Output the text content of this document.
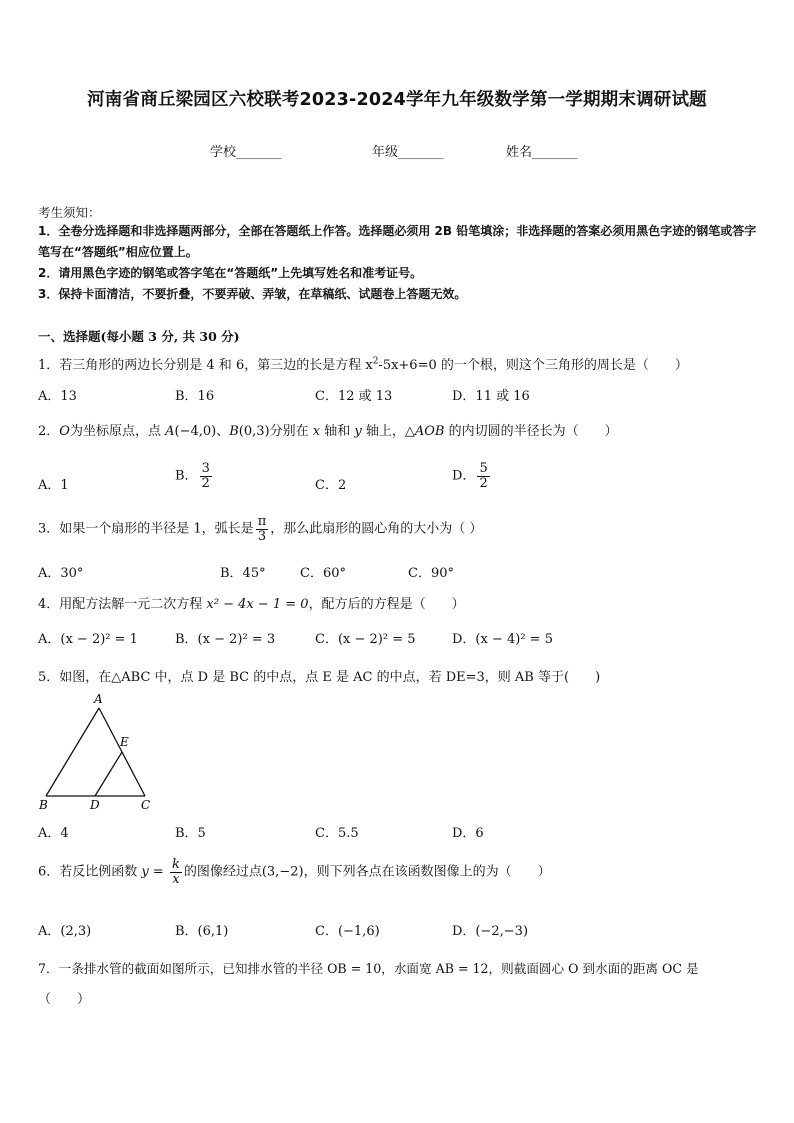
河南省商丘梁园区六校联考2023-2024学年九年级数学第一学期期末调研试题
学校_______	年级_______	姓名_______
考生须知：
1．全卷分选择题和非选择题两部分，全部在答题纸上作答。选择题必须用 2B 铅笔填涂；非选择题的答案必须用黑色字迹的钢笔或答字笔写在“答题纸”相应位置上。
2．请用黑色字迹的钢笔或答字笔在“答题纸”上先填写姓名和准考证号。
3．保持卡面清洁，不要折叠，不要弄破、弄皱，在草稿纸、试题卷上答题无效。
一、选择题(每小题 3 分, 共 30 分)
1．若三角形的两边长分别是 4 和 6，第三边的长是方程 $x^2-5x+6=0$ 的一个根，则这个三角形的周长是（　　）
A．13	B．16	C．12 或 13	D．11 或 16
2．O为坐标原点，点 A(−4,0)、B(0,3)分别在 x 轴和 y 轴上，△AOB 的内切圆的半径长为（　　）
A．1
B． $\frac{3}{2}$	C．2
D． $\frac{5}{2}$
3．如果一个扇形的半径是 1，弧长是 $\frac{\pi}{3}$ ，那么此扇形的圆心角的大小为（ ）
A．30°	B．45°	C．60°	C．90°
4．用配方法解一元二次方程 x² − 4x − 1 = 0，配方后的方程是（　　）
A．(x − 2)² = 1	B．(x − 2)² = 3	C．(x − 2)² = 5	D．(x − 4)² = 5
5．如图，在△ABC 中，点 D 是 BC 的中点，点 E 是 AC 的中点，若 DE=3，则 AB 等于(　　)
A
E
B	D	C
A．4	B．5	C．5.5	D．6
6．若反比例函数 $y = \frac{k}{x}$ 的图像经过点(3,−2)，则下列各点在该函数图像上的为（　　）
A．(2,3)	B．(6,1)	C．(−1,6)	D．(−2,−3)
7．一条排水管的截面如图所示，已知排水管的半径 OB = 10，水面宽 AB = 12，则截面圆心 O 到水面的距离 OC 是
（　　）
